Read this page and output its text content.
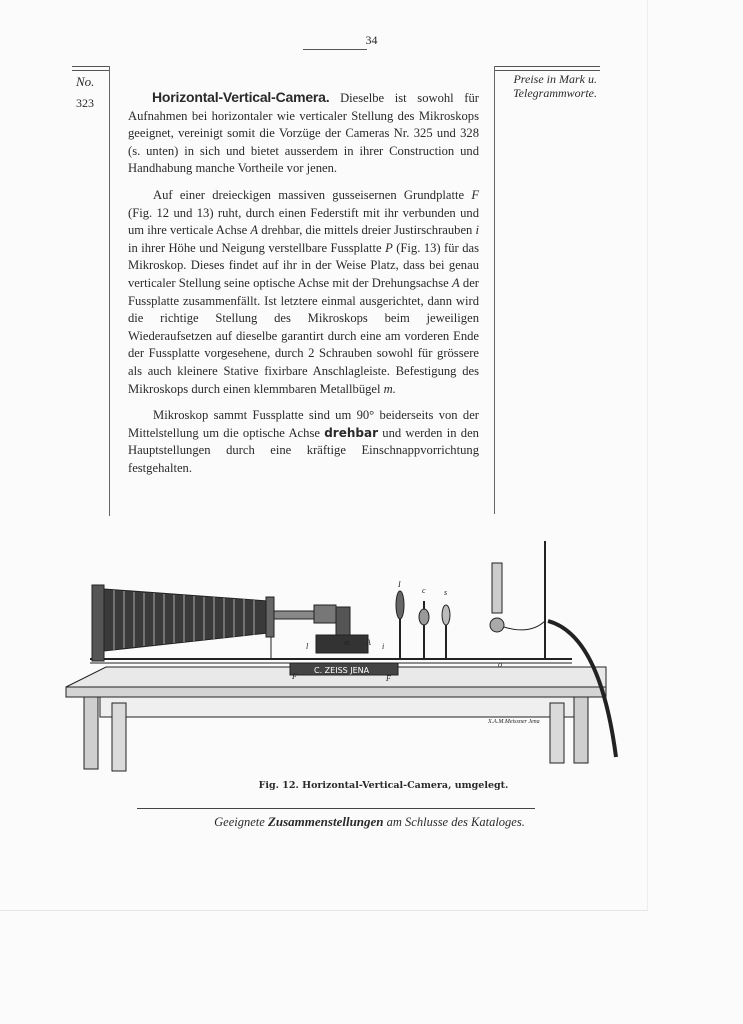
34
No.
323
Preise in Mark u. Telegrammworte.

Horizontal-Vertical-Camera. Dieselbe ist sowohl für Aufnahmen bei horizontaler wie verticaler Stellung des Mikroskops geeignet, vereinigt somit die Vorzüge der Cameras Nr. 325 und 328 (s. unten) in sich und bietet ausserdem in ihrer Construction und Handhabung manche Vortheile vor jenen.

Auf einer dreieckigen massiven gusseisernen Grundplatte F (Fig. 12 und 13) ruht, durch einen Federstift mit ihr verbunden und um ihre verticale Achse A drehbar, die mittels dreier Justirschrauben i in ihrer Höhe und Neigung verstellbare Fussplatte P (Fig. 13) für das Mikroskop. Dieses findet auf ihr in der Weise Platz, dass bei genau verticaler Stellung seine optische Achse mit der Drehungsachse A der Fussplatte zusammenfällt. Ist letztere einmal ausgerichtet, dann wird die richtige Stellung des Mikroskops beim jeweiligen Wiederaufsetzen auf dieselbe garantirt durch eine am vorderen Ende der Fussplatte vorgesehene, durch 2 Schrauben sowohl für grössere als auch kleinere Stative fixirbare Anschlagleiste. Befestigung des Mikroskops durch einen klemmbaren Metallbügel m.

Mikroskop sammt Fussplatte sind um 90° beiderseits von der Mittelstellung um die optische Achse drehbar und werden in den Hauptstellungen durch eine kräftige Einschnappvorrichtung festgehalten.

C. ZEISS JENA
I
c s
l	m A i
F	F
o
X.A.M.Meissner Jena
Fig. 12. Horizontal-Vertical-Camera, umgelegt.
Geeignete Zusammenstellungen am Schlusse des Kataloges.
